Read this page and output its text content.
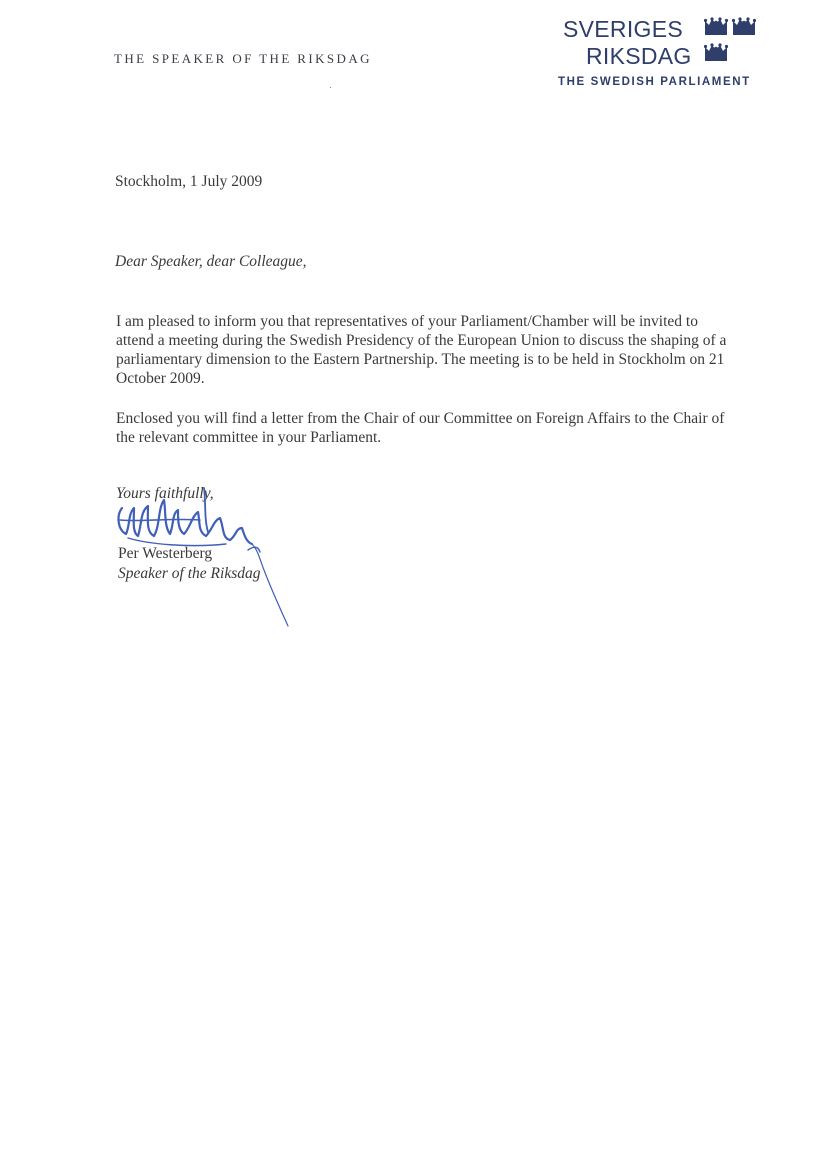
THE SPEAKER OF THE RIKSDAG
SVERIGES
RIKSDAG
THE SWEDISH PARLIAMENT
Stockholm, 1 July 2009
Dear Speaker, dear Colleague,
I am pleased to inform you that representatives of your Parliament/Chamber will be invited to attend a meeting during the Swedish Presidency of the European Union to discuss the shaping of a parliamentary dimension to the Eastern Partnership. The meeting is to be held in Stockholm on 21 October 2009.
Enclosed you will find a letter from the Chair of our Committee on Foreign Affairs to the Chair of the relevant committee in your Parliament.
Yours faithfully,
Per Westerberg
Speaker of the Riksdag
